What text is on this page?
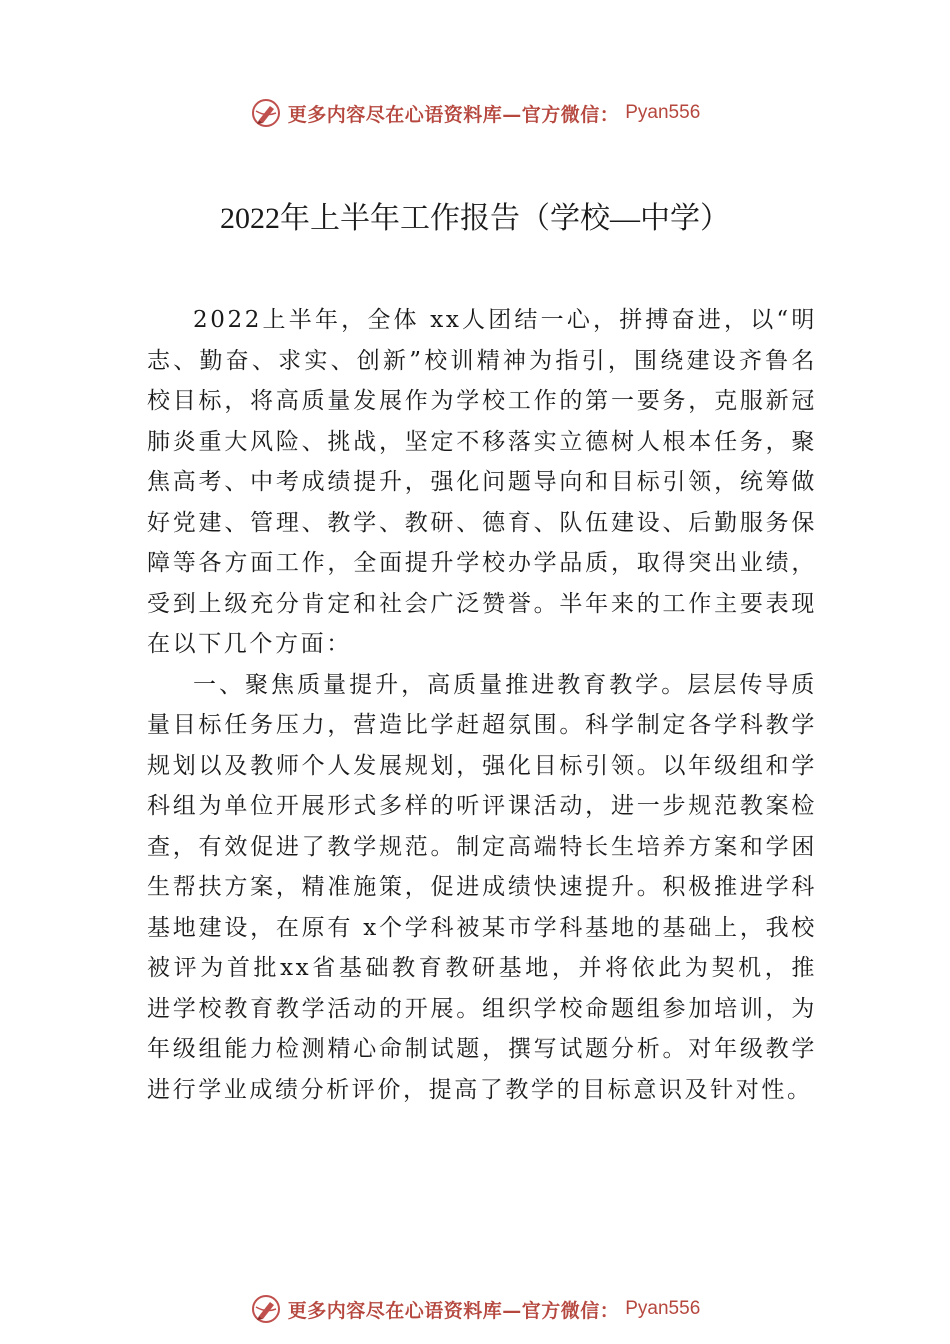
更多内容尽在心语资料库—官方微信： Pyan556
2022年上半年工作报告（学校—中学）

2022上半年，全体 xx人团结一心，拼搏奋进，以“明志、勤奋、求实、创新”校训精神为指引，围绕建设齐鲁名校目标，将高质量发展作为学校工作的第一要务，克服新冠肺炎重大风险、挑战，坚定不移落实立德树人根本任务，聚焦高考、中考成绩提升，强化问题导向和目标引领，统筹做好党建、管理、教学、教研、德育、队伍建设、后勤服务保障等各方面工作，全面提升学校办学品质，取得突出业绩， 受到上级充分肯定和社会广泛赞誉。半年来的工作主要表现在以下几个方面：

一、聚焦质量提升，高质量推进教育教学。层层传导质量目标任务压力，营造比学赶超氛围。科学制定各学科教学规划以及教师个人发展规划，强化目标引领。以年级组和学科组为单位开展形式多样的听评课活动，进一步规范教案检查，有效促进了教学规范。制定高端特长生培养方案和学困生帮扶方案，精准施策，促进成绩快速提升。积极推进学科基地建设，在原有 x个学科被某市学科基地的基础上，我校被评为首批xx省基础教育教研基地，并将依此为契机，推进学校教育教学活动的开展。组织学校命题组参加培训，为年级组能力检测精心命制试题，撰写试题分析。对年级教学进行学业成绩分析评价，提高了教学的目标意识及针对性。

更多内容尽在心语资料库—官方微信： Pyan556
